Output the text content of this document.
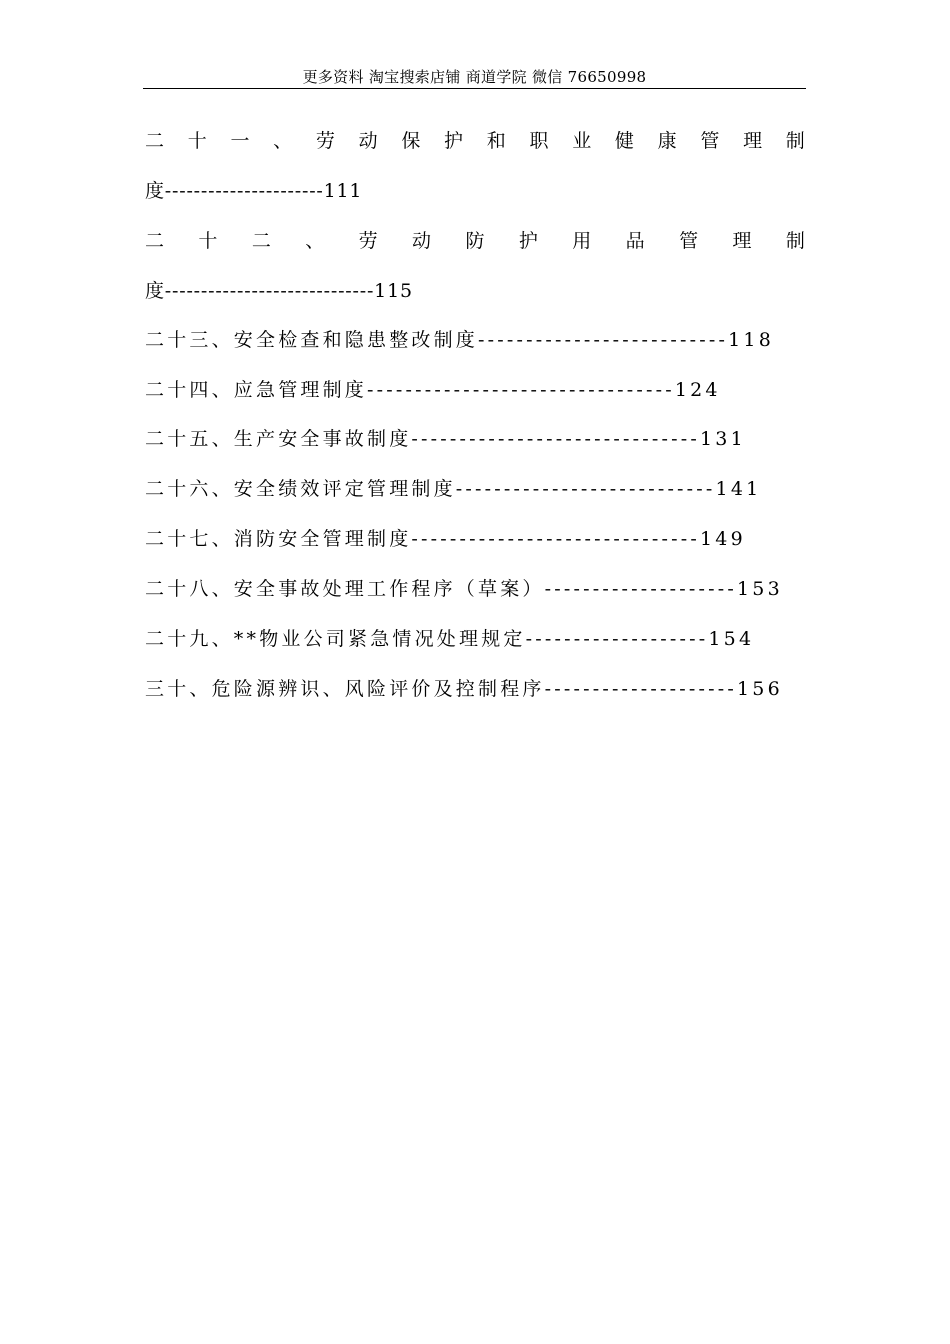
更多资料 淘宝搜索店铺 商道学院 微信 76650998
二 十 一 、 劳 动 保 护 和 职 业 健 康 管 理 制
度----------------------111
二 十 二 、 劳 动 防 护 用 品 管 理 制
度-----------------------------115
二十三、安全检查和隐患整改制度--------------------------118
二十四、应急管理制度--------------------------------124
二十五、生产安全事故制度------------------------------131
二十六、安全绩效评定管理制度---------------------------141
二十七、消防安全管理制度------------------------------149
二十八、安全事故处理工作程序（草案）--------------------153
二十九、**物业公司紧急情况处理规定-------------------154
三十、危险源辨识、风险评价及控制程序--------------------156
